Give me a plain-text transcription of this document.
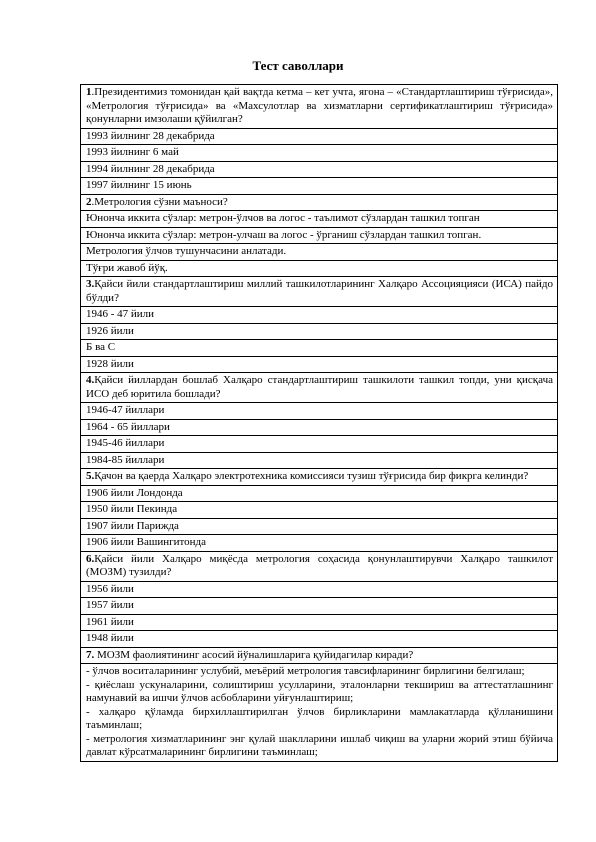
Тест саволлари
1.Президентимиз томонидан қай вақтда кетма – кет учта, ягона – «Стандартлаштириш тўғрисида», «Метрология тўғрисида» ва «Махсулотлар ва хизматларни сертификатлаштириш тўғрисида» қонунларни имзолаши қўйилган?
1993 йилнинг 28 декабрида
1993 йилнинг 6 май
1994 йилнинг 28 декабрида
1997 йилнинг 15 июнь
2.Метрология сўзни маъноси?
Юнонча иккита сўзлар: метрон-ўлчов ва логос - таълимот сўзлардан ташкил топган
Юнонча иккита сўзлар: метрон-улчаш ва логос - ўрганиш сўзлардан ташкил топган.
Метрология ўлчов тушунчасини анлатади.
Тўғри жавоб йўқ.
3.Қайси йили стандартлаштириш миллий ташкилотларининг Халқаро Ассоцияцияси (ИСА) пайдо бўлди?
1946 - 47 йили
1926 йили
Б ва С
1928 йили
4.Қайси йиллардан бошлаб Халқаро стандартлаштириш ташкилоти ташкил топди, уни қисқача ИСО деб юритила бошлади?
1946-47 йиллари
1964 - 65 йиллари
1945-46 йиллари
1984-85 йиллари
5.Қачон ва қаерда Халқаро электротехника комиссияси тузиш тўғрисида бир фикрга келинди?
1906 йили Лондонда
1950 йили Пекинда
1907 йили Парижда
1906 йили Вашингитонда
6.Қайси йили Халқаро миқёсда метрология соҳасида қонунлаштирувчи Халқаро ташкилот (МОЗМ) тузилди?
1956 йили
1957 йили
1961 йили
1948 йили
7. МОЗМ фаолиятининг асосий йўналишларига қуйидагилар киради?

- ўлчов воситаларининг услубий, меъёрий метрология тавсифларининг бирлигини белгилаш;
- қиёслаш ускуналарини, солиштириш усулларини, эталонларни текшириш ва аттестатлашнинг намунавий ва ишчи ўлчов асбобларини уйғунлаштириш;
- халқаро қўламда бирхиллаштирилган ўлчов бирликларини мамлакатларда қўлланишини таъминлаш;
- метрология хизматларининг энг қулай шаклларини ишлаб чиқиш ва уларни жорий этиш бўйича давлат кўрсатмаларининг бирлигини таъминлаш;
